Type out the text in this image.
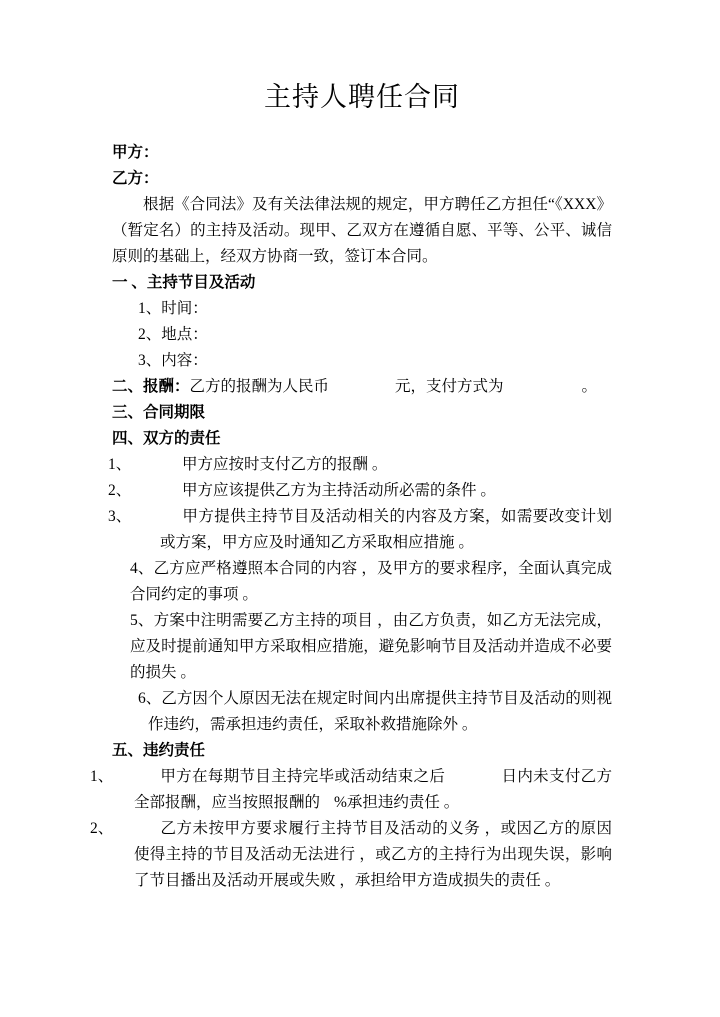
主持人聘任合同

甲方：

乙方：

根据《合同法》及有关法律法规的规定，甲方聘任乙方担任“《XXX》（暂定名）的主持及活动。现甲、乙双方在遵循自愿、平等、公平、诚信原则的基础上，经双方协商一致，签订本合同。

一 、主持节目及活动

1、时间：

2、地点：

3、内容：

二、报酬：乙方的报酬为人民币	元，支付方式为	。

三、合同期限

四、双方的责任

1、	甲方应按时支付乙方的报酬 。

2、	甲方应该提供乙方为主持活动所必需的条件 。

3、	甲方提供主持节目及活动相关的内容及方案，如需要改变计划或方案，甲方应及时通知乙方采取相应措施 。

4、乙方应严格遵照本合同的内容 ，及甲方的要求程序，全面认真完成合同约定的事项 。

5、方案中注明需要乙方主持的项目 ，由乙方负责，如乙方无法完成，应及时提前通知甲方采取相应措施，避免影响节目及活动并造成不必要的损失 。

6、乙方因个人原因无法在规定时间内出席提供主持节目及活动的则视作违约，需承担违约责任，采取补救措施除外 。

五、违约责任

1、	甲方在每期节目主持完毕或活动结束之后	日内未支付乙方全部报酬，应当按照报酬的 %承担违约责任 。

2、	乙方未按甲方要求履行主持节目及活动的义务 ，或因乙方的原因使得主持的节目及活动无法进行 ，或乙方的主持行为出现失误，影响了节目播出及活动开展或失败 ，承担给甲方造成损失的责任 。
